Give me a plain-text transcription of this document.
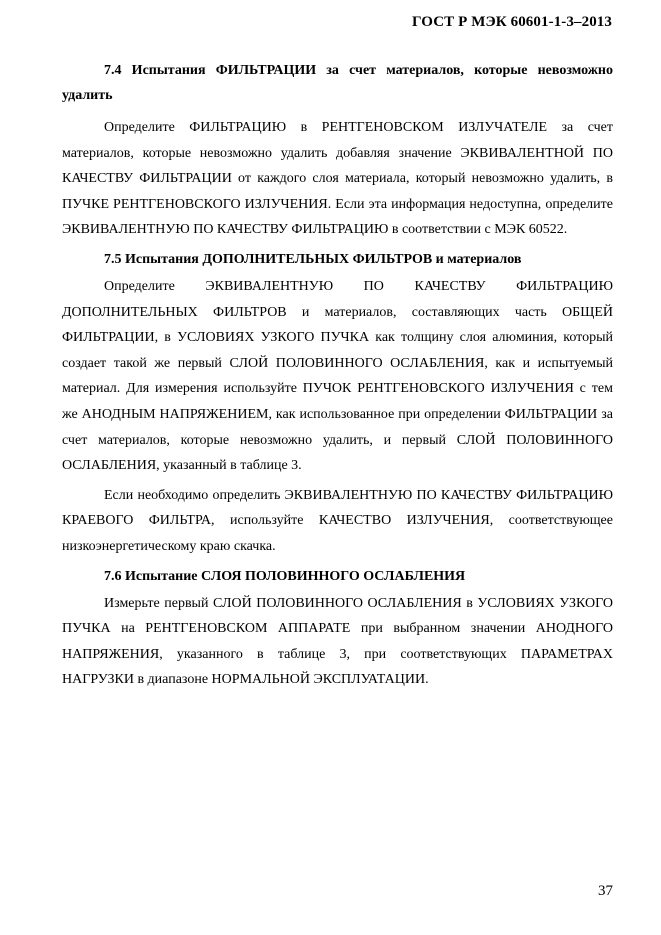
ГОСТ Р МЭК 60601-1-3–2013
7.4 Испытания ФИЛЬТРАЦИИ за счет материалов, которые невозможно удалить

Определите ФИЛЬТРАЦИЮ в РЕНТГЕНОВСКОМ ИЗЛУЧАТЕЛЕ за счет материалов, которые невозможно удалить добавляя значение ЭКВИВАЛЕНТНОЙ ПО КАЧЕСТВУ ФИЛЬТРАЦИИ от каждого слоя материала, который невозможно удалить, в ПУЧКЕ РЕНТГЕНОВСКОГО ИЗЛУЧЕНИЯ. Если эта информация недоступна, определите ЭКВИВАЛЕНТНУЮ ПО КАЧЕСТВУ ФИЛЬТРАЦИЮ в соответствии с МЭК 60522.

7.5 Испытания ДОПОЛНИТЕЛЬНЫХ ФИЛЬТРОВ и материалов

Определите ЭКВИВАЛЕНТНУЮ ПО КАЧЕСТВУ ФИЛЬТРАЦИЮ ДОПОЛНИТЕЛЬНЫХ ФИЛЬТРОВ и материалов, составляющих часть ОБЩЕЙ ФИЛЬТРАЦИИ, в УСЛОВИЯХ УЗКОГО ПУЧКА как толщину слоя алюминия, который создает такой же первый СЛОЙ ПОЛОВИННОГО ОСЛАБЛЕНИЯ, как и испытуемый материал. Для измерения используйте ПУЧОК РЕНТГЕНОВСКОГО ИЗЛУЧЕНИЯ с тем же АНОДНЫМ НАПРЯЖЕНИЕМ, как использованное при определении ФИЛЬТРАЦИИ за счет материалов, которые невозможно удалить, и первый СЛОЙ ПОЛОВИННОГО ОСЛАБЛЕНИЯ, указанный в таблице 3.

Если необходимо определить ЭКВИВАЛЕНТНУЮ ПО КАЧЕСТВУ ФИЛЬТРАЦИЮ КРАЕВОГО ФИЛЬТРА, используйте КАЧЕСТВО ИЗЛУЧЕНИЯ, соответствующее низкоэнергетическому краю скачка.

7.6 Испытание СЛОЯ ПОЛОВИННОГО ОСЛАБЛЕНИЯ

Измерьте первый СЛОЙ ПОЛОВИННОГО ОСЛАБЛЕНИЯ в УСЛОВИЯХ УЗКОГО ПУЧКА на РЕНТГЕНОВСКОМ АППАРАТЕ при выбранном значении АНОДНОГО НАПРЯЖЕНИЯ, указанного в таблице 3, при соответствующих ПАРАМЕТРАХ НАГРУЗКИ в диапазоне НОРМАЛЬНОЙ ЭКСПЛУАТАЦИИ.

37
